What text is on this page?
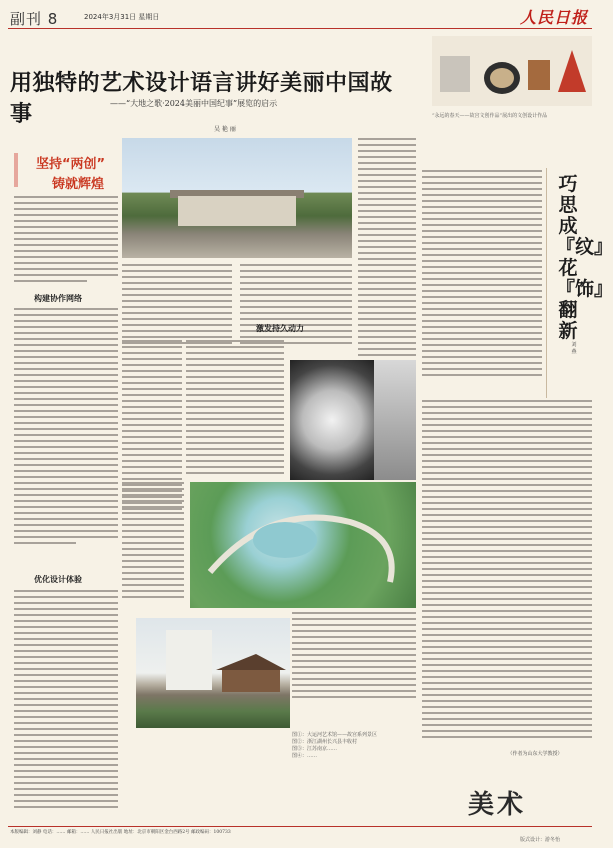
副刊 8	2024年3月31日 星期日	人民日报
用独特的艺术设计语言讲好美丽中国故事	——“大地之歌·2024美丽中国纪事”展览的启示
吴 艳 丽
“永远的春天——故宫文创作品”展出的文创设计作品
坚持“两创”
铸就辉煌
构建协作网络
优化设计体验
激发持久动力
图①：大运河艺术馆——故宫系列景区
图②：浙江湖州长兴县丰收村
图③：江苏南京……
图④：……
巧思成『纹』花『饰』翻新
刘 燕
（作者为山东大学教授）
美术
版式设计：游冬怡
本版编辑：刘静 电话：…… 邮箱：…… 人民日报社出版 地址：北京市朝阳区金台西路2号 邮政编码：100733
